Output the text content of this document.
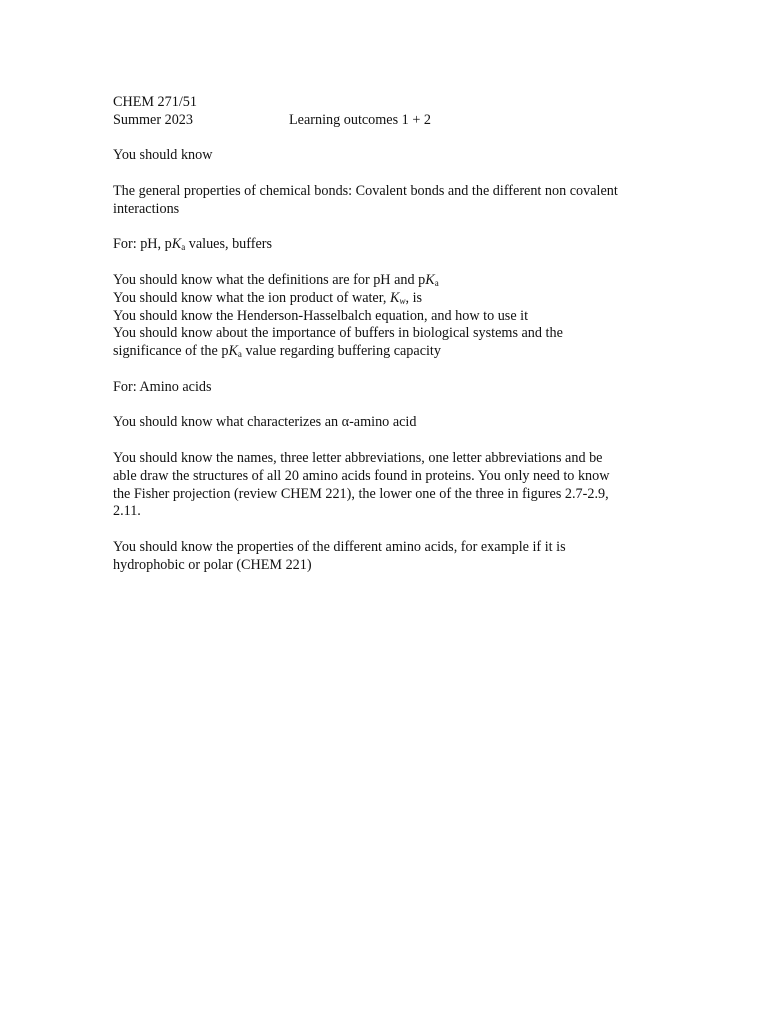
CHEM 271/51
Summer 2023	Learning outcomes 1 + 2
You should know
The general properties of chemical bonds: Covalent bonds and the different non covalent interactions
For: pH, $pK_a$ values, buffers
You should know what the definitions are for pH and $pK_a$
You should know what the ion product of water, $K_w$, is
You should know the Henderson-Hasselbalch equation, and how to use it
You should know about the importance of buffers in biological systems and the
significance of the $pK_a$ value regarding buffering capacity
For: Amino acids
You should know what characterizes an α-amino acid
You should know the names, three letter abbreviations, one letter abbreviations and be
able draw the structures of all 20 amino acids found in proteins. You only need to know
the Fisher projection (review CHEM 221), the lower one of the three in figures 2.7-2.9,
2.11.
You should know the properties of the different amino acids, for example if it is
hydrophobic or polar (CHEM 221)
